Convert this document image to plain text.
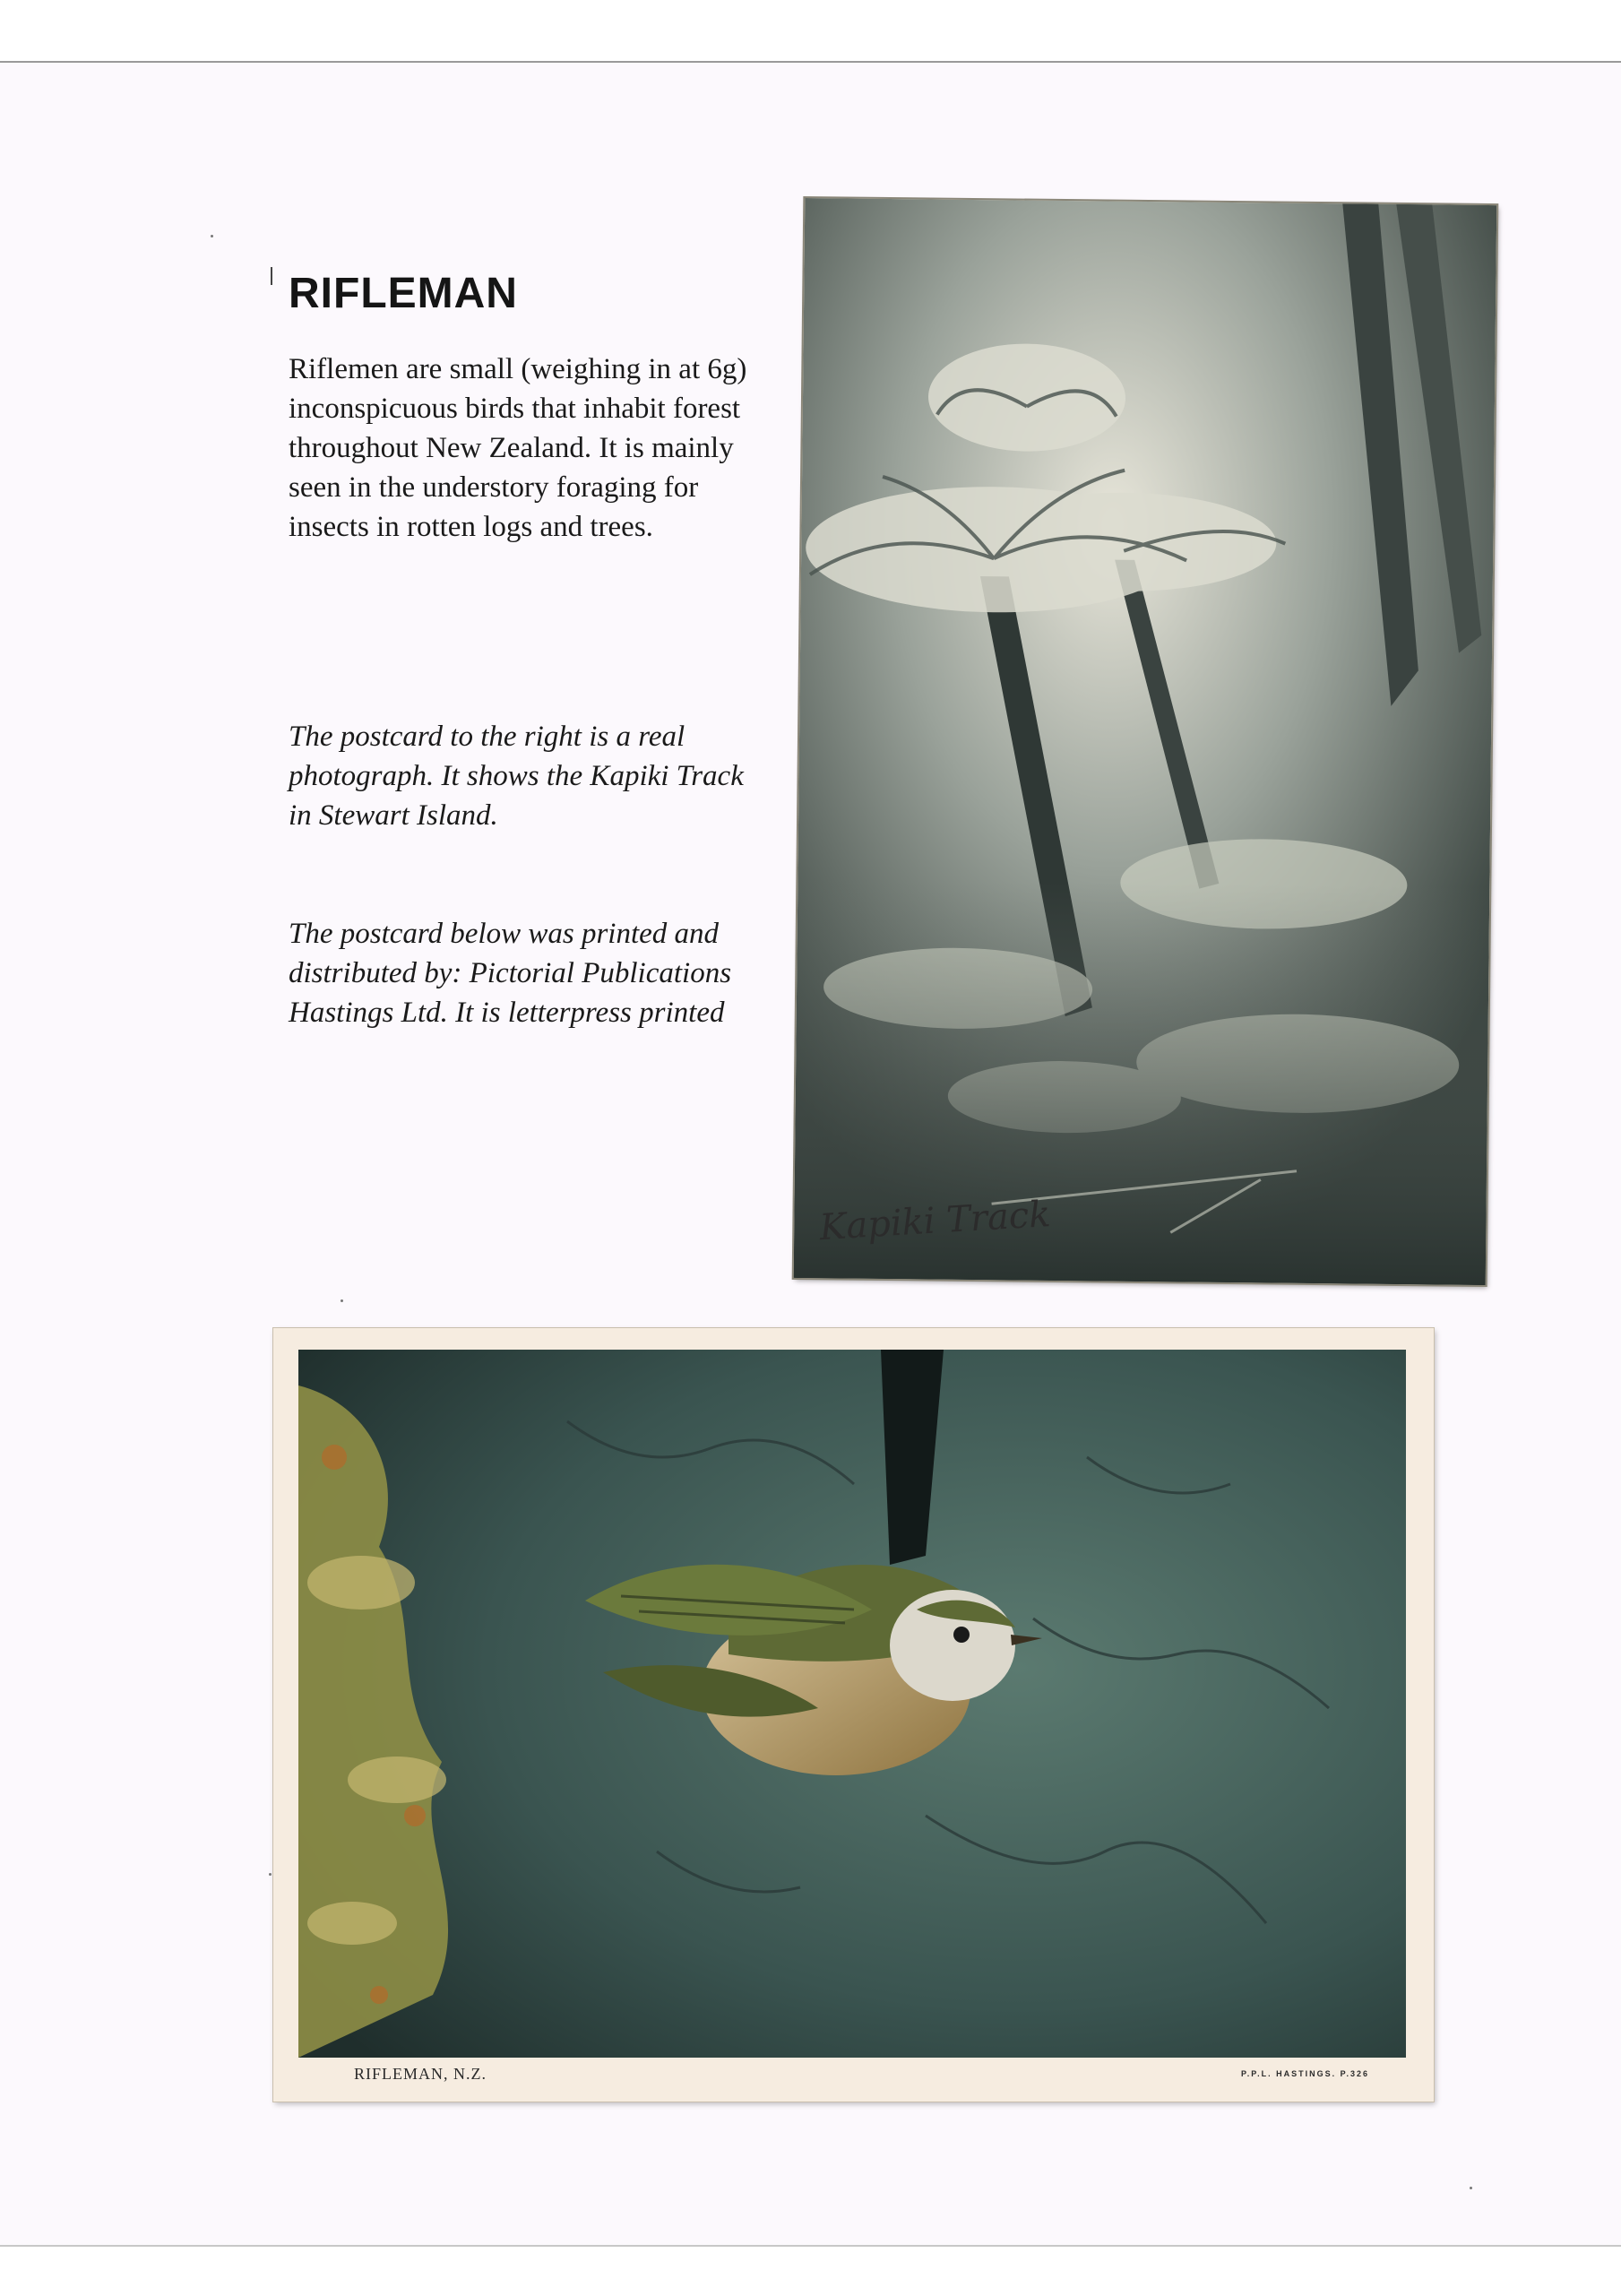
RIFLEMAN

Riflemen are small (weighing in at 6g) inconspicuous birds that inhabit forest throughout New Zealand. It is mainly seen in the understory foraging for insects in rotten logs and trees.

The postcard to the right is a real photograph. It shows the Kapiki Track in Stewart Island.

The postcard below was printed and distributed by: Pictorial Publications Hastings Ltd. It is letterpress printed

Kapiki Track
RIFLEMAN, N.Z.	P.P.L. HASTINGS. P.326
